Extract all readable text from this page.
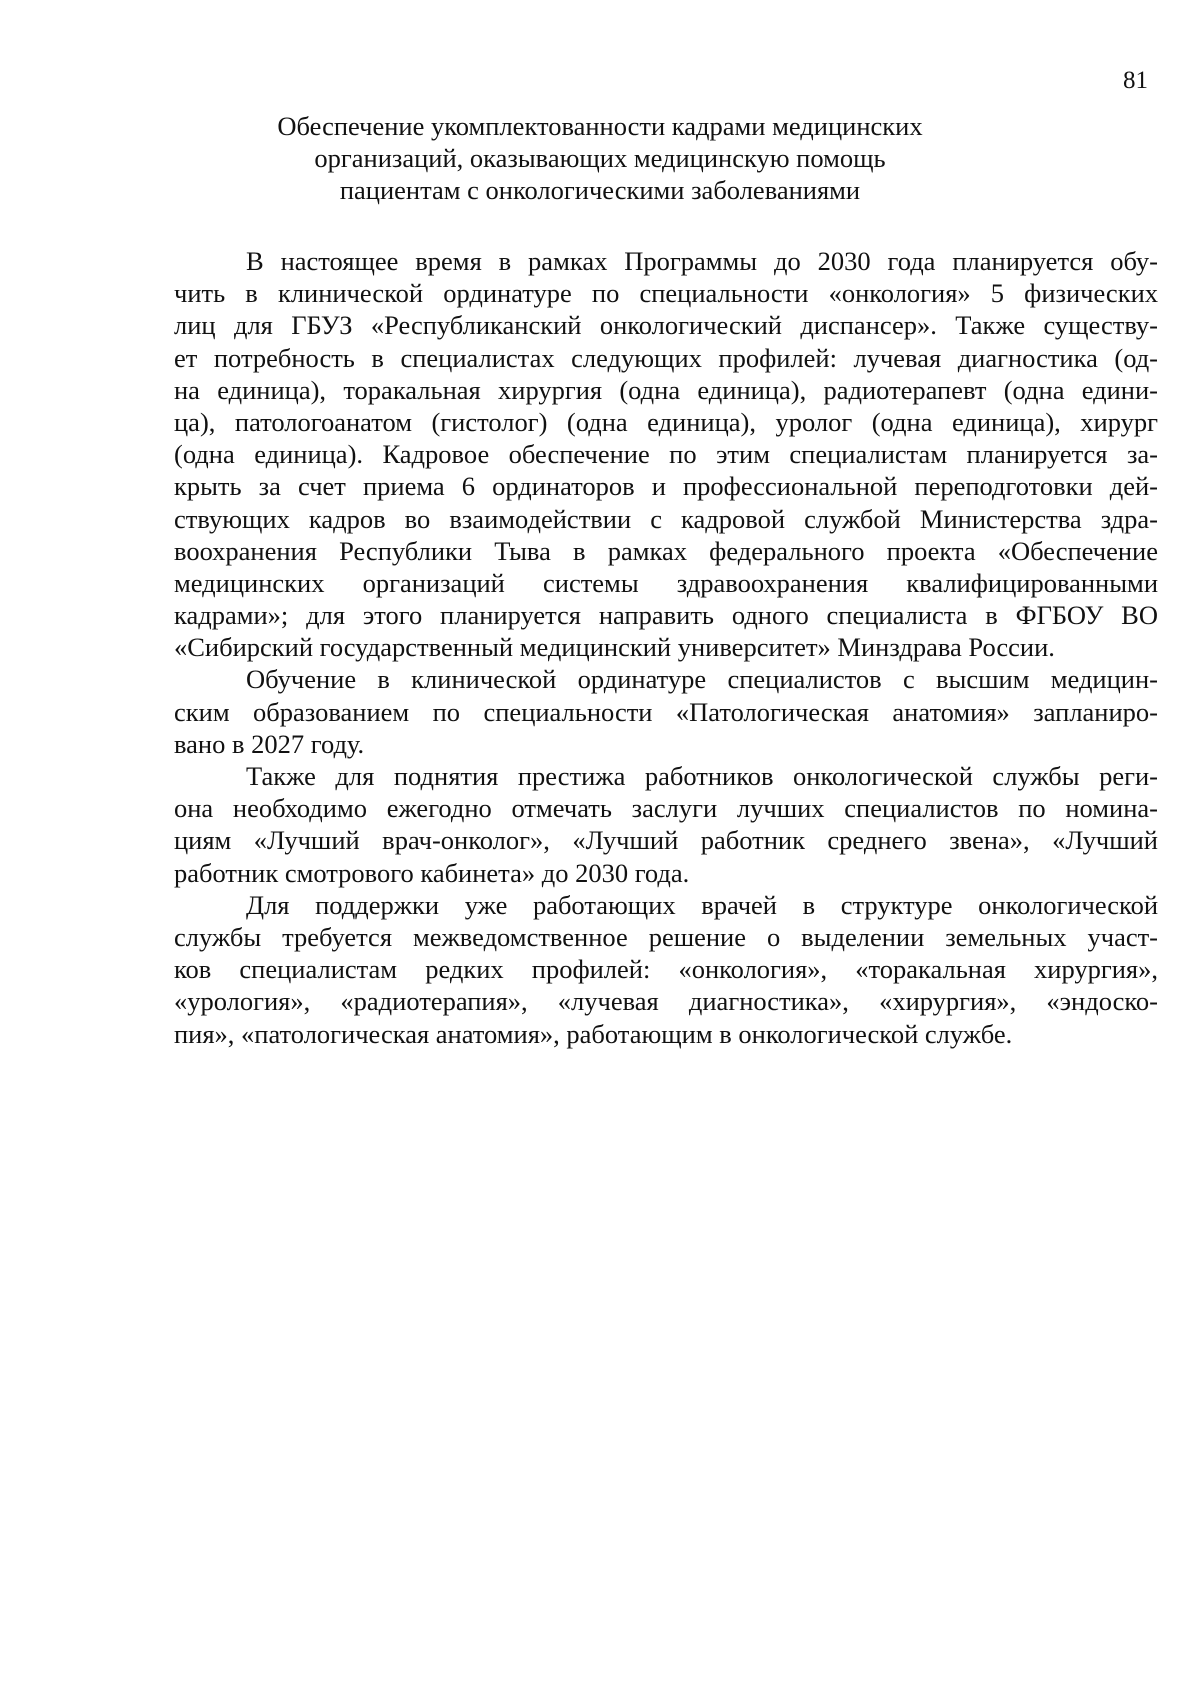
81
Обеспечение укомплектованности кадрами медицинских
организаций, оказывающих медицинскую помощь
пациентам с онкологическими заболеваниями
В настоящее время в рамках Программы до 2030 года планируется обу-
чить в клинической ординатуре по специальности «онкология» 5 физических
лиц для ГБУЗ «Республиканский онкологический диспансер». Также существу-
ет потребность в специалистах следующих профилей: лучевая диагностика (од-
на единица), торакальная хирургия (одна единица), радиотерапевт (одна едини-
ца), патологоанатом (гистолог) (одна единица), уролог (одна единица), хирург
(одна единица). Кадровое обеспечение по этим специалистам планируется за-
крыть за счет приема 6 ординаторов и профессиональной переподготовки дей-
ствующих кадров во взаимодействии с кадровой службой Министерства здра-
воохранения Республики Тыва в рамках федерального проекта «Обеспечение
медицинских организаций системы здравоохранения квалифицированными
кадрами»; для этого планируется направить одного специалиста в ФГБОУ ВО
«Сибирский государственный медицинский университет» Минздрава России.
Обучение в клинической ординатуре специалистов с высшим медицин-
ским образованием по специальности «Патологическая анатомия» запланиро-
вано в 2027 году.
Также для поднятия престижа работников онкологической службы реги-
она необходимо ежегодно отмечать заслуги лучших специалистов по номина-
циям «Лучший врач-онколог», «Лучший работник среднего звена», «Лучший
работник смотрового кабинета» до 2030 года.
Для поддержки уже работающих врачей в структуре онкологической
службы требуется межведомственное решение о выделении земельных участ-
ков специалистам редких профилей: «онкология», «торакальная хирургия»,
«урология», «радиотерапия», «лучевая диагностика», «хирургия», «эндоско-
пия», «патологическая анатомия», работающим в онкологической службе.
